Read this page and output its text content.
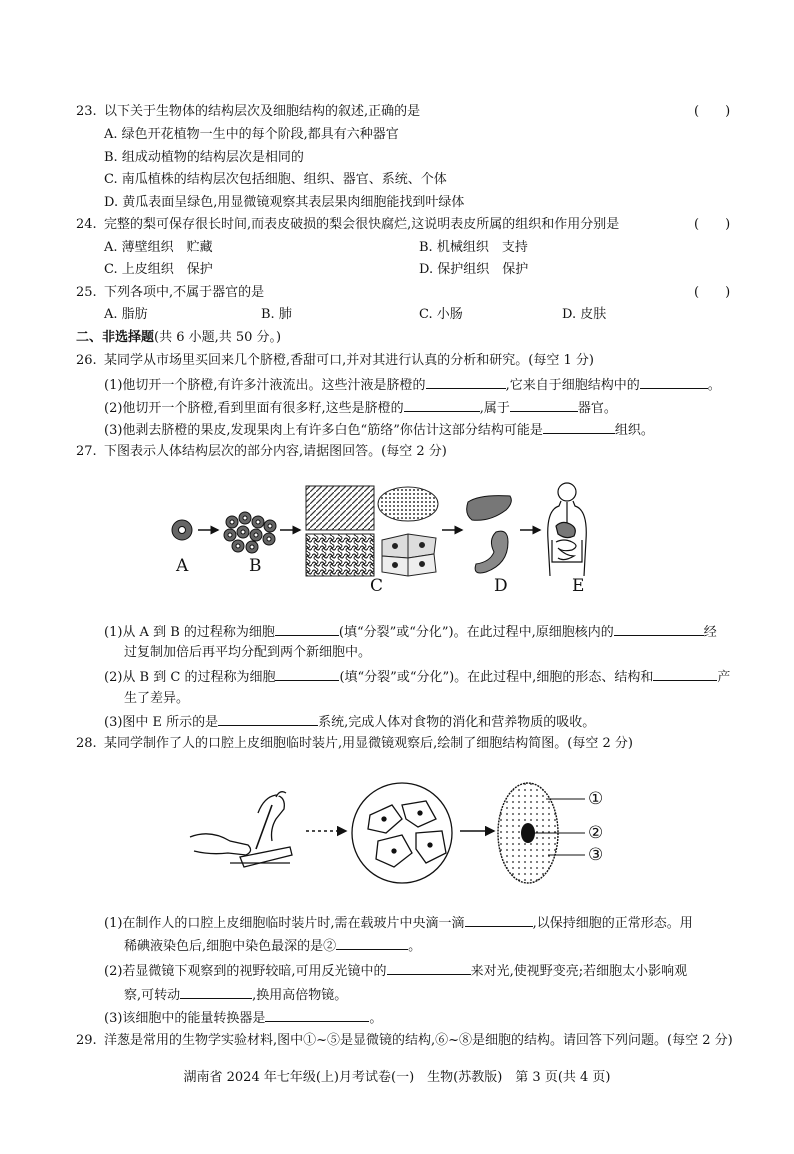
23. 以下关于生物体的结构层次及细胞结构的叙述,正确的是	(　　)
A. 绿色开花植物一生中的每个阶段,都具有六种器官
B. 组成动植物的结构层次是相同的
C. 南瓜植株的结构层次包括细胞、组织、器官、系统、个体
D. 黄瓜表面呈绿色,用显微镜观察其表层果肉细胞能找到叶绿体
24. 完整的梨可保存很长时间,而表皮破损的梨会很快腐烂,这说明表皮所属的组织和作用分别是	(　　)
A. 薄壁组织　贮藏	B. 机械组织　支持
C. 上皮组织　保护	D. 保护组织　保护
25. 下列各项中,不属于器官的是	(　　)
A. 脂肪	B. 肺	C. 小肠	D. 皮肤
二、非选择题(共 6 小题,共 50 分。)
26. 某同学从市场里买回来几个脐橙,香甜可口,并对其进行认真的分析和研究。(每空 1 分)
(1)他切开一个脐橙,有许多汁液流出。这些汁液是脐橙的	,它来自于细胞结构中的	。
(2)他切开一个脐橙,看到里面有很多籽,这些是脐橙的	,属于	器官。
(3)他剥去脐橙的果皮,发现果肉上有许多白色“筋络”你估计这部分结构可能是	组织。
27. 下图表示人体结构层次的部分内容,请据图回答。(每空 2 分)
A	B
C	D	E
(1)从 A 到 B 的过程称为细胞	(填“分裂”或“分化”)。在此过程中,原细胞核内的	经
过复制加倍后再平均分配到两个新细胞中。
(2)从 B 到 C 的过程称为细胞	(填“分裂”或“分化”)。在此过程中,细胞的形态、结构和	产
生了差异。
(3)图中 E 所示的是	系统,完成人体对食物的消化和营养物质的吸收。
28. 某同学制作了人的口腔上皮细胞临时装片,用显微镜观察后,绘制了细胞结构简图。(每空 2 分)
①
②
③
(1)在制作人的口腔上皮细胞临时装片时,需在载玻片中央滴一滴	,以保持细胞的正常形态。用
稀碘液染色后,细胞中染色最深的是②	。
(2)若显微镜下观察到的视野较暗,可用反光镜中的	来对光,使视野变亮;若细胞太小影响观
察,可转动	,换用高倍物镜。
(3)该细胞中的能量转换器是	。
29. 洋葱是常用的生物学实验材料,图中①~⑤是显微镜的结构,⑥~⑧是细胞的结构。请回答下列问题。(每空 2 分)
湖南省 2024 年七年级(上)月考试卷(一)　生物(苏教版)　第 3 页(共 4 页)
